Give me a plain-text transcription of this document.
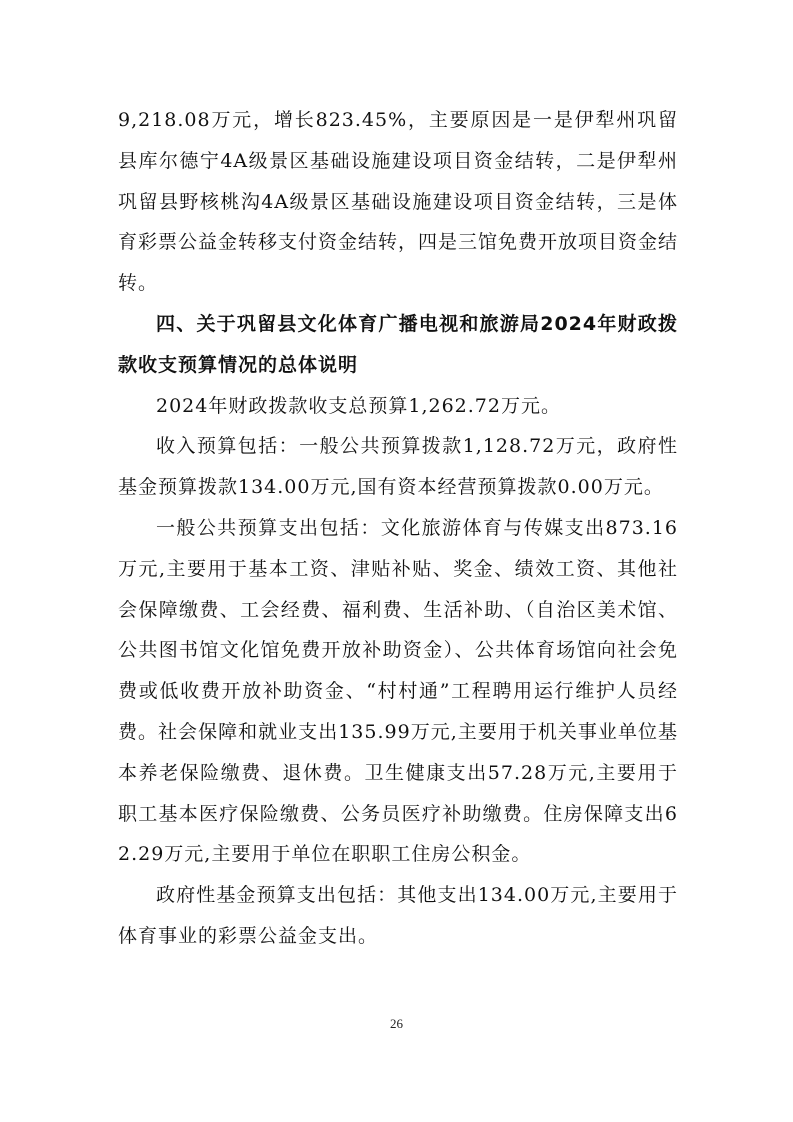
9,218.08万元，增长823.45%，主要原因是一是伊犁州巩留县库尔德宁4A级景区基础设施建设项目资金结转，二是伊犁州巩留县野核桃沟4A级景区基础设施建设项目资金结转，三是体育彩票公益金转移支付资金结转，四是三馆免费开放项目资金结转。

四、关于巩留县文化体育广播电视和旅游局2024年财政拨款收支预算情况的总体说明

2024年财政拨款收支总预算1,262.72万元。

收入预算包括：一般公共预算拨款1,128.72万元，政府性基金预算拨款134.00万元,国有资本经营预算拨款0.00万元。

一般公共预算支出包括：文化旅游体育与传媒支出873.16万元,主要用于基本工资、津贴补贴、奖金、绩效工资、其他社会保障缴费、工会经费、福利费、生活补助、（自治区美术馆、公共图书馆文化馆免费开放补助资金）、公共体育场馆向社会免费或低收费开放补助资金、“村村通”工程聘用运行维护人员经费。社会保障和就业支出135.99万元,主要用于机关事业单位基本养老保险缴费、退休费。卫生健康支出57.28万元,主要用于职工基本医疗保险缴费、公务员医疗补助缴费。住房保障支出62.29万元,主要用于单位在职职工住房公积金。

政府性基金预算支出包括：其他支出134.00万元,主要用于体育事业的彩票公益金支出。

26
